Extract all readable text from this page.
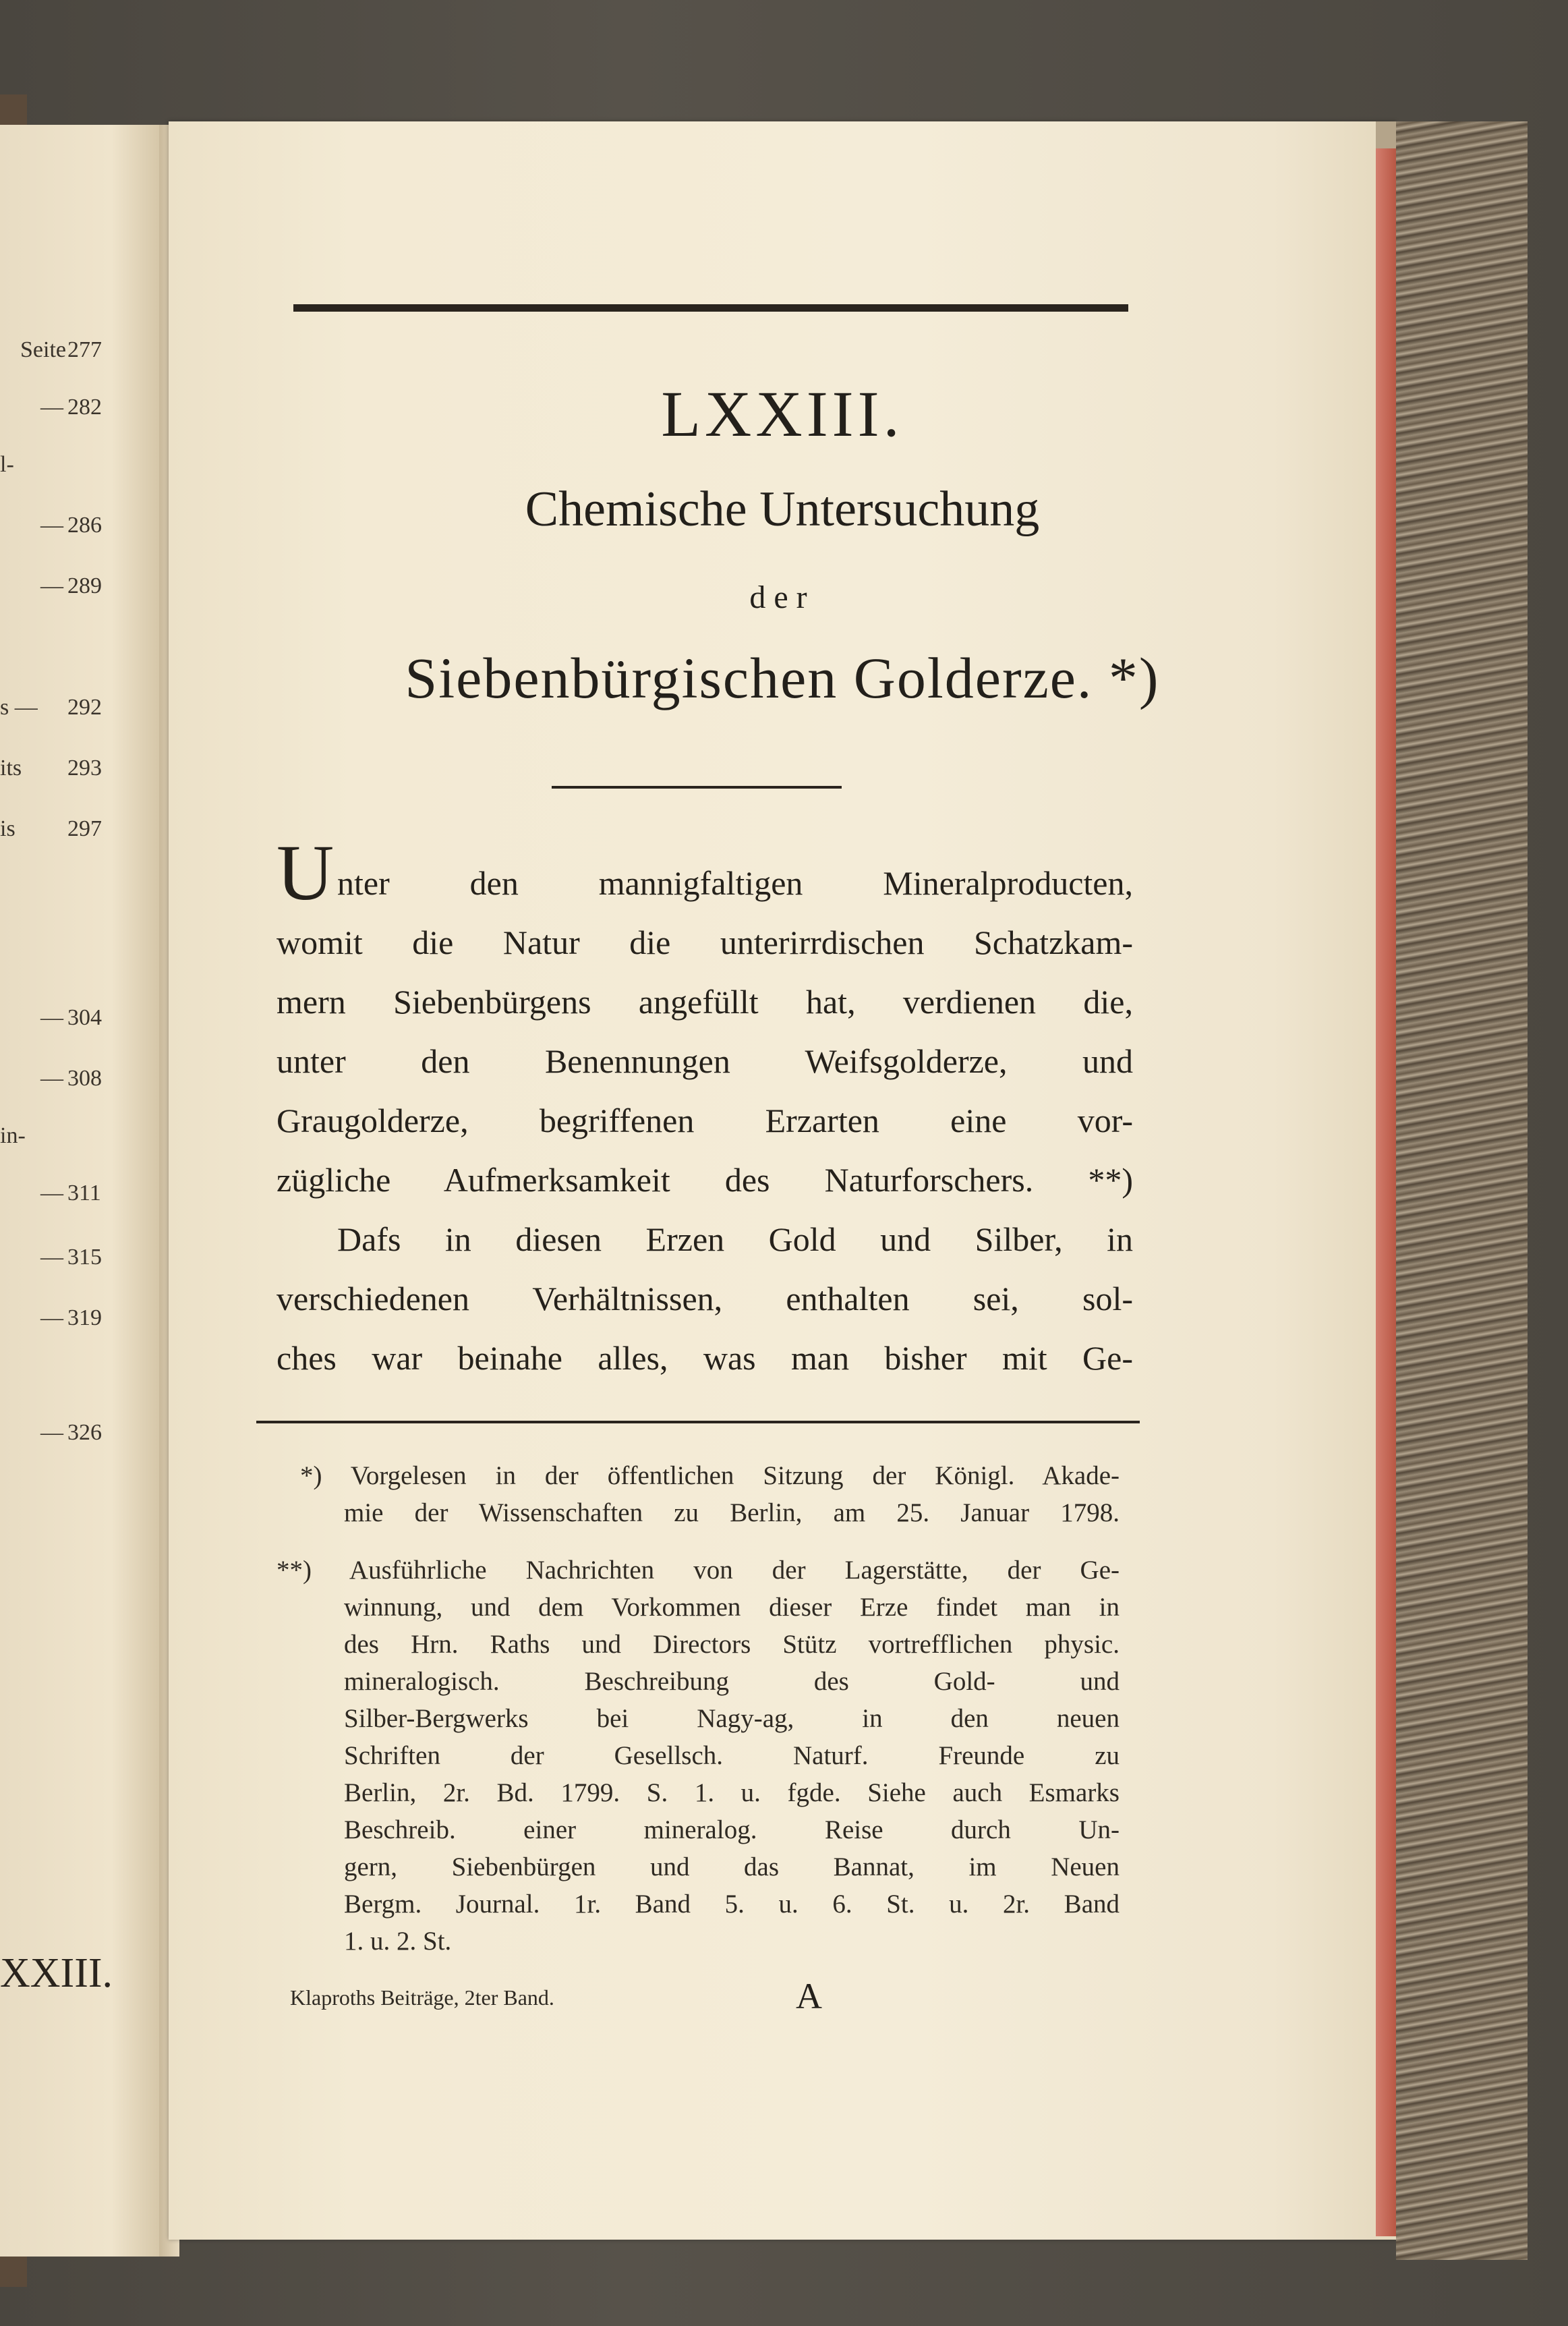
Seite 277
— 282
l-
— 286
— 289
s — 292
its 293
is 297
— 304
— 308
in-
— 311
— 315
— 319
— 326
XXIII.
LXXIII.
Chemische Untersuchung
der
Siebenbürgischen Golderze. *)
U nter den mannigfaltigen Mineralproducten,
womit die Natur die unterirrdischen Schatzkam-
mern Siebenbürgens angefüllt hat, verdienen die,
unter den Benennungen Weifsgolderze, und
Graugolderze, begriffenen Erzarten eine vor-
zügliche Aufmerksamkeit des Naturforschers. **)
Dafs in diesen Erzen Gold und Silber, in
verschiedenen Verhältnissen, enthalten sei, sol-
ches war beinahe alles, was man bisher mit Ge-
*) Vorgelesen in der öffentlichen Sitzung der Königl. Akade-
mie der Wissenschaften zu Berlin, am 25. Januar 1798.
**) Ausführliche Nachrichten von der Lagerstätte, der Ge-
winnung, und dem Vorkommen dieser Erze findet man in
des Hrn. Raths und Directors Stütz vortrefflichen physic.
mineralogisch. Beschreibung des Gold- und
Silber-Bergwerks bei Nagy-ag, in den neuen
Schriften der Gesellsch. Naturf. Freunde zu
Berlin, 2r. Bd. 1799. S. 1. u. fgde. Siehe auch Esmarks
Beschreib. einer mineralog. Reise durch Un-
gern, Siebenbürgen und das Bannat, im Neuen
Bergm. Journal. 1r. Band 5. u. 6. St. u. 2r. Band
1. u. 2. St.
Klaproths Beiträge, 2ter Band.	A
